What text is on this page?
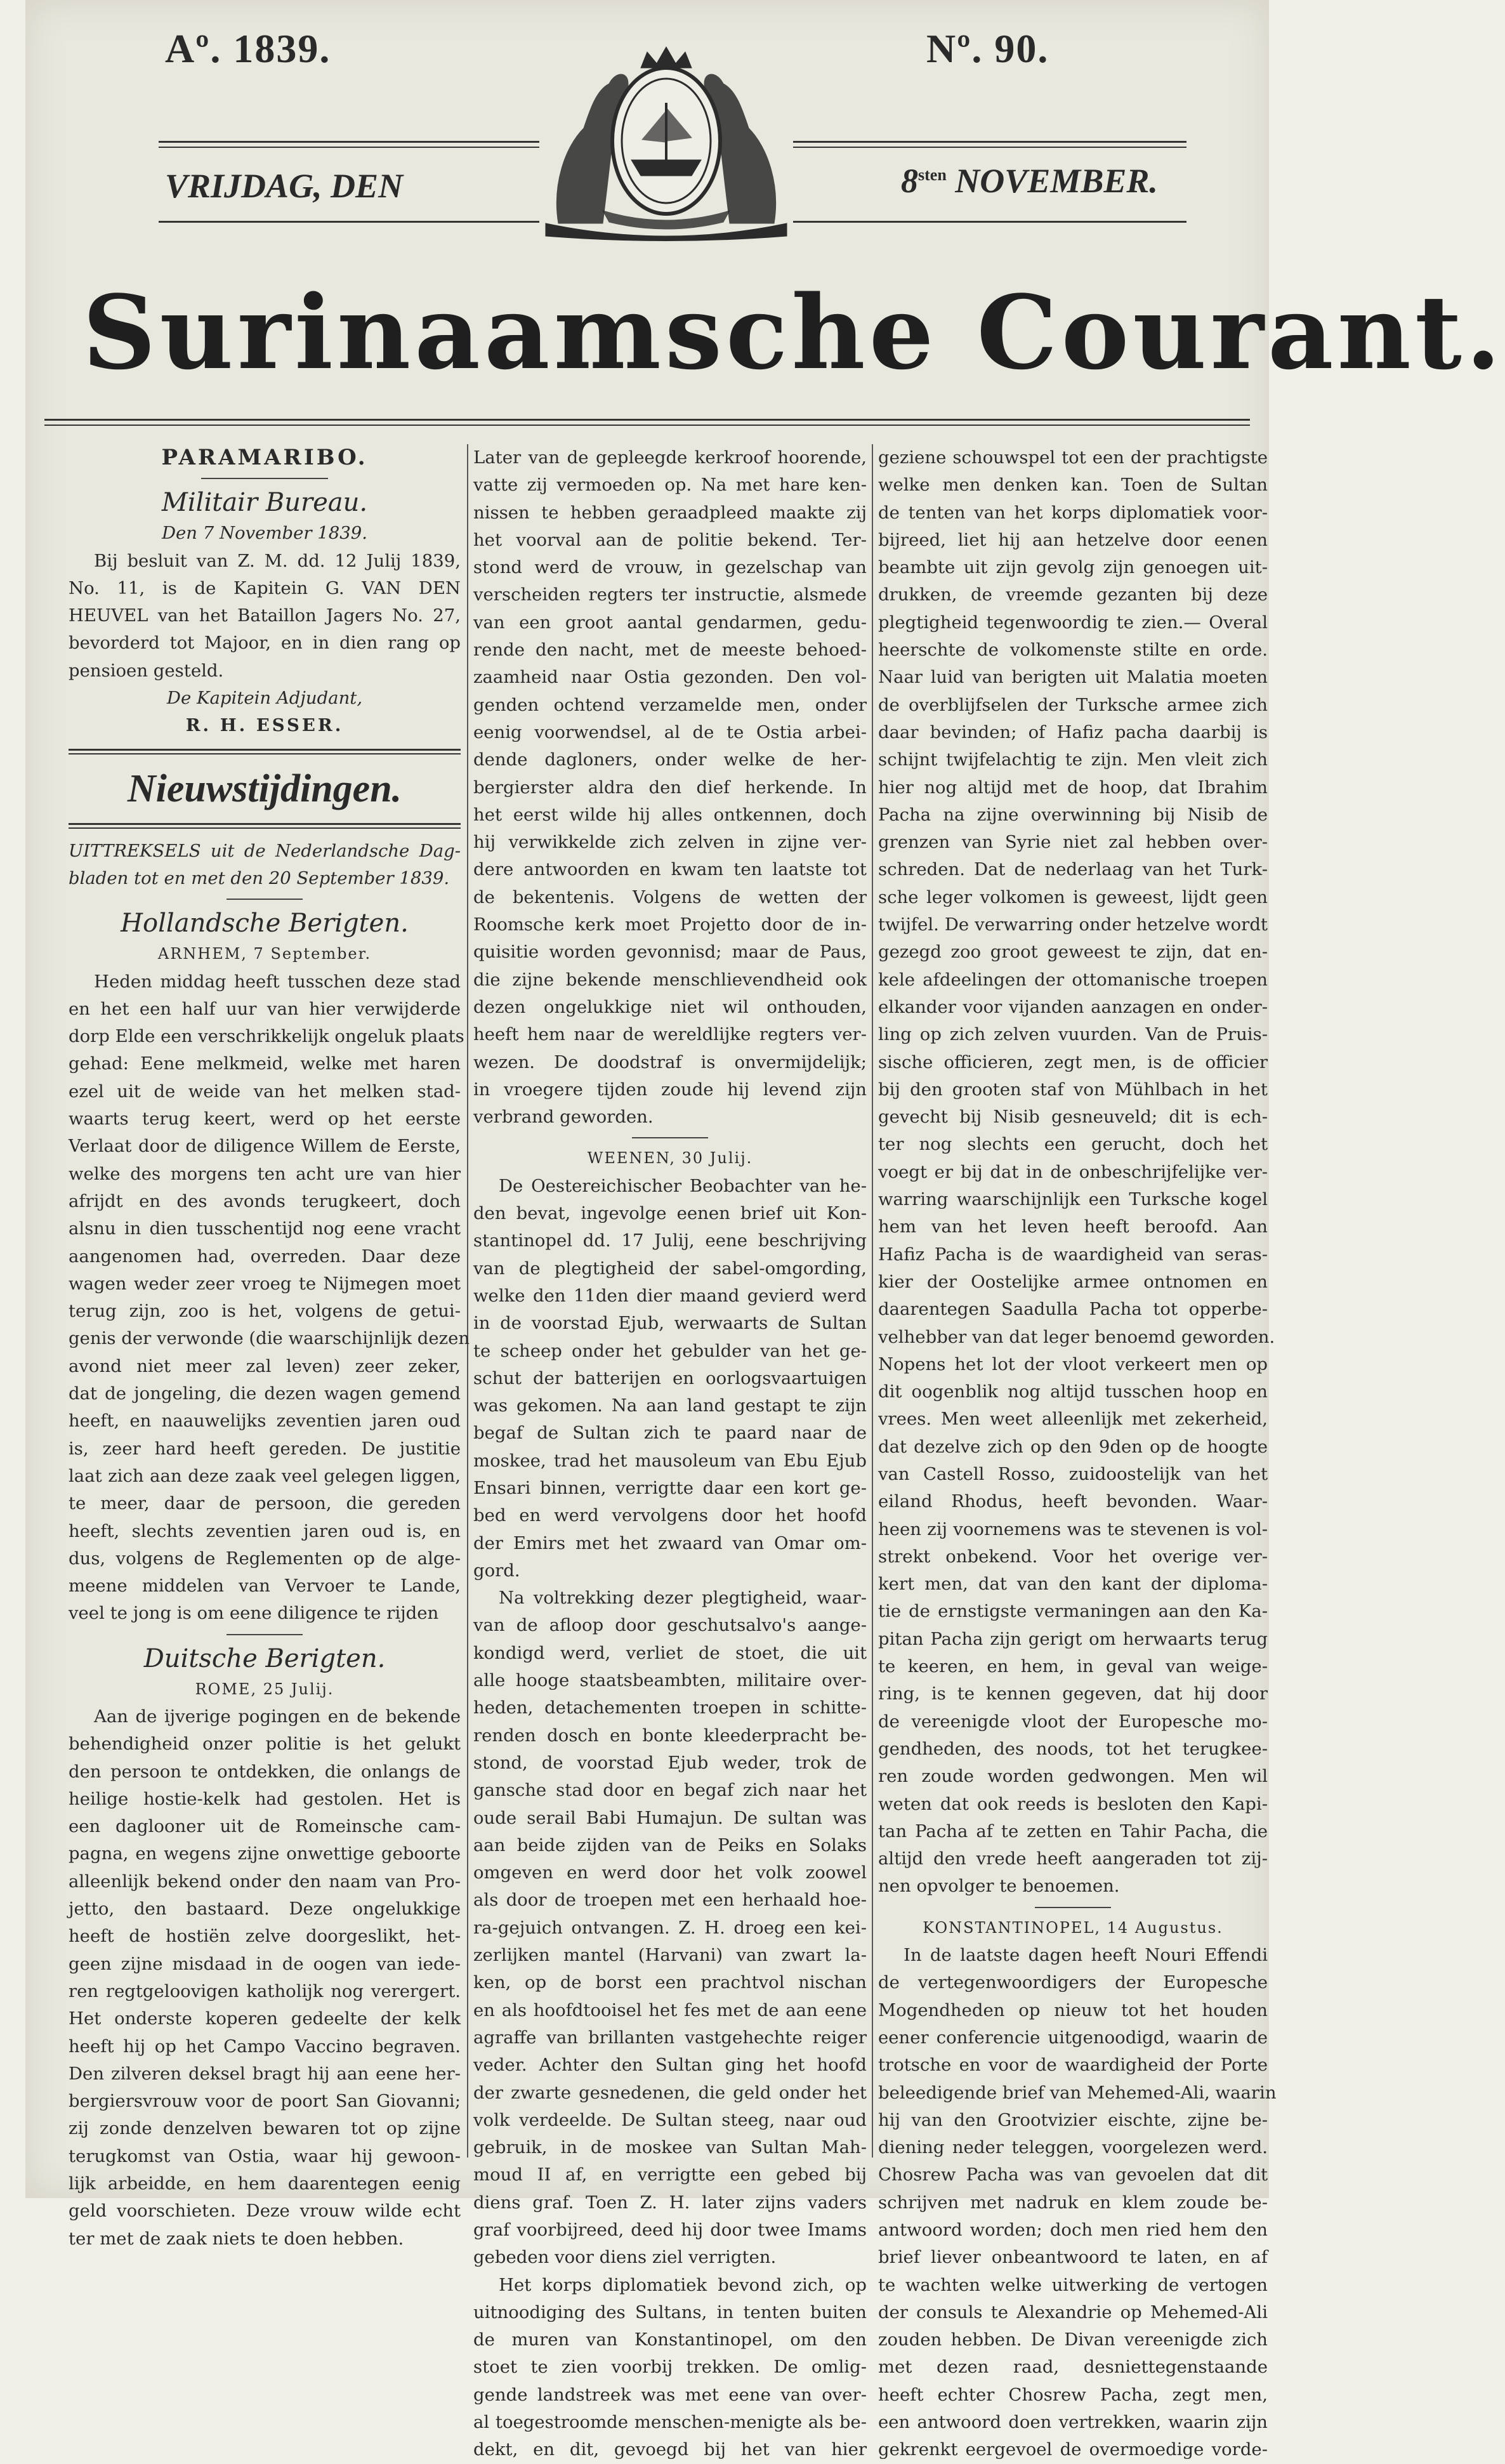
Aº. 1839.	Nº. 90.
VRIJDAG, DEN	$8^{sten}$ NOVEMBER.
Surinaamsche Courant.

PARAMARIBO.

Militair Bureau.

Den 7 November 1839.

Bij besluit van Z. M. dd. 12 Julij 1839,
No. 11, is de Kapitein G. VAN DEN
HEUVEL van het Bataillon Jagers No. 27,
bevorderd tot Majoor, en in dien rang op
pensioen gesteld.

De Kapitein Adjudant,

R. H. ESSER.

Nieuwstijdingen.

UITTREKSELS uit de Nederlandsche Dag-
bladen tot en met den 20 September 1839.

Hollandsche Berigten.

ARNHEM, 7 September.

Heden middag heeft tusschen deze stad
en het een half uur van hier verwijderde
dorp Elde een verschrikkelijk ongeluk plaats
gehad: Eene melkmeid, welke met haren
ezel uit de weide van het melken stad-
waarts terug keert, werd op het eerste
Verlaat door de diligence Willem de Eerste,
welke des morgens ten acht ure van hier
afrijdt en des avonds terugkeert, doch
alsnu in dien tusschentijd nog eene vracht
aangenomen had, overreden. Daar deze
wagen weder zeer vroeg te Nijmegen moet
terug zijn, zoo is het, volgens de getui-
genis der verwonde (die waarschijnlijk dezen
avond niet meer zal leven) zeer zeker,
dat de jongeling, die dezen wagen gemend
heeft, en naauwelijks zeventien jaren oud
is, zeer hard heeft gereden. De justitie
laat zich aan deze zaak veel gelegen liggen,
te meer, daar de persoon, die gereden
heeft, slechts zeventien jaren oud is, en
dus, volgens de Reglementen op de alge-
meene middelen van Vervoer te Lande,
veel te jong is om eene diligence te rijden

Duitsche Berigten.

ROME, 25 Julij.

Aan de ijverige pogingen en de bekende
behendigheid onzer politie is het gelukt
den persoon te ontdekken, die onlangs de
heilige hostie-kelk had gestolen. Het is
een daglooner uit de Romeinsche cam-
pagna, en wegens zijne onwettige geboorte
alleenlijk bekend onder den naam van Pro-
jetto, den bastaard. Deze ongelukkige
heeft de hostiën zelve doorgeslikt, het-
geen zijne misdaad in de oogen van iede-
ren regtgeloovigen katholijk nog verergert.
Het onderste koperen gedeelte der kelk
heeft hij op het Campo Vaccino begraven.
Den zilveren deksel bragt hij aan eene her-
bergiersvrouw voor de poort San Giovanni;
zij zonde denzelven bewaren tot op zijne
terugkomst van Ostia, waar hij gewoon-
lijk arbeidde, en hem daarentegen eenig
geld voorschieten. Deze vrouw wilde echt
ter met de zaak niets te doen hebben.
Later van de gepleegde kerkroof hoorende,
vatte zij vermoeden op. Na met hare ken-
nissen te hebben geraadpleed maakte zij
het voorval aan de politie bekend. Ter-
stond werd de vrouw, in gezelschap van
verscheiden regters ter instructie, alsmede
van een groot aantal gendarmen, gedu-
rende den nacht, met de meeste behoed-
zaamheid naar Ostia gezonden. Den vol-
genden ochtend verzamelde men, onder
eenig voorwendsel, al de te Ostia arbei-
dende dagloners, onder welke de her-
bergierster aldra den dief herkende. In
het eerst wilde hij alles ontkennen, doch
hij verwikkelde zich zelven in zijne ver-
dere antwoorden en kwam ten laatste tot
de bekentenis. Volgens de wetten der
Roomsche kerk moet Projetto door de in-
quisitie worden gevonnisd; maar de Paus,
die zijne bekende menschlievendheid ook
dezen ongelukkige niet wil onthouden,
heeft hem naar de wereldlijke regters ver-
wezen. De doodstraf is onvermijdelijk;
in vroegere tijden zoude hij levend zijn
verbrand geworden.

WEENEN, 30 Julij.

De Oestereichischer Beobachter van he-
den bevat, ingevolge eenen brief uit Kon-
stantinopel dd. 17 Julij, eene beschrijving
van de plegtigheid der sabel-omgording,
welke den 11den dier maand gevierd werd
in de voorstad Ejub, werwaarts de Sultan
te scheep onder het gebulder van het ge-
schut der batterijen en oorlogsvaartuigen
was gekomen. Na aan land gestapt te zijn
begaf de Sultan zich te paard naar de
moskee, trad het mausoleum van Ebu Ejub
Ensari binnen, verrigtte daar een kort ge-
bed en werd vervolgens door het hoofd
der Emirs met het zwaard van Omar om-
gord.
Na voltrekking dezer plegtigheid, waar-
van de afloop door geschutsalvo's aange-
kondigd werd, verliet de stoet, die uit
alle hooge staatsbeambten, militaire over-
heden, detachementen troepen in schitte-
renden dosch en bonte kleederpracht be-
stond, de voorstad Ejub weder, trok de
gansche stad door en begaf zich naar het
oude serail Babi Humajun. De sultan was
aan beide zijden van de Peiks en Solaks
omgeven en werd door het volk zoowel
als door de troepen met een herhaald hoe-
ra-gejuich ontvangen. Z. H. droeg een kei-
zerlijken mantel (Harvani) van zwart la-
ken, op de borst een prachtvol nischan
en als hoofdtooisel het fes met de aan eene
agraffe van brillanten vastgehechte reiger
veder. Achter den Sultan ging het hoofd
der zwarte gesnedenen, die geld onder het
volk verdeelde. De Sultan steeg, naar oud
gebruik, in de moskee van Sultan Mah-
moud II af, en verrigtte een gebed bij
diens graf. Toen Z. H. later zijns vaders
graf voorbijreed, deed hij door twee Imams
gebeden voor diens ziel verrigten.
Het korps diplomatiek bevond zich, op
uitnoodiging des Sultans, in tenten buiten
de muren van Konstantinopel, om den
stoet te zien voorbij trekken. De omlig-
gende landstreek was met eene van over-
al toegestroomde menschen-menigte als be-
dekt, en dit, gevoegd bij het van hier
geziene schouwspel tot een der prachtigste
welke men denken kan. Toen de Sultan
de tenten van het korps diplomatiek voor-
bijreed, liet hij aan hetzelve door eenen
beambte uit zijn gevolg zijn genoegen uit-
drukken, de vreemde gezanten bij deze
plegtigheid tegenwoordig te zien.— Overal
heerschte de volkomenste stilte en orde.
Naar luid van berigten uit Malatia moeten
de overblijfselen der Turksche armee zich
daar bevinden; of Hafiz pacha daarbij is
schijnt twijfelachtig te zijn. Men vleit zich
hier nog altijd met de hoop, dat Ibrahim
Pacha na zijne overwinning bij Nisib de
grenzen van Syrie niet zal hebben over-
schreden. Dat de nederlaag van het Turk-
sche leger volkomen is geweest, lijdt geen
twijfel. De verwarring onder hetzelve wordt
gezegd zoo groot geweest te zijn, dat en-
kele afdeelingen der ottomanische troepen
elkander voor vijanden aanzagen en onder-
ling op zich zelven vuurden. Van de Pruis-
sische officieren, zegt men, is de officier
bij den grooten staf von Mühlbach in het
gevecht bij Nisib gesneuveld; dit is ech-
ter nog slechts een gerucht, doch het
voegt er bij dat in de onbeschrijfelijke ver-
warring waarschijnlijk een Turksche kogel
hem van het leven heeft beroofd. Aan
Hafiz Pacha is de waardigheid van seras-
kier der Oostelijke armee ontnomen en
daarentegen Saadulla Pacha tot opperbe-
velhebber van dat leger benoemd geworden.
Nopens het lot der vloot verkeert men op
dit oogenblik nog altijd tusschen hoop en
vrees. Men weet alleenlijk met zekerheid,
dat dezelve zich op den 9den op de hoogte
van Castell Rosso, zuidoostelijk van het
eiland Rhodus, heeft bevonden. Waar-
heen zij voornemens was te stevenen is vol-
strekt onbekend. Voor het overige ver-
kert men, dat van den kant der diploma-
tie de ernstigste vermaningen aan den Ka-
pitan Pacha zijn gerigt om herwaarts terug
te keeren, en hem, in geval van weige-
ring, is te kennen gegeven, dat hij door
de vereenigde vloot der Europesche mo-
gendheden, des noods, tot het terugkee-
ren zoude worden gedwongen. Men wil
weten dat ook reeds is besloten den Kapi-
tan Pacha af te zetten en Tahir Pacha, die
altijd den vrede heeft aangeraden tot zij-
nen opvolger te benoemen.

KONSTANTINOPEL, 14 Augustus.

In de laatste dagen heeft Nouri Effendi
de vertegenwoordigers der Europesche
Mogendheden op nieuw tot het houden
eener conferencie uitgenoodigd, waarin de
trotsche en voor de waardigheid der Porte
beleedigende brief van Mehemed-Ali, waarin
hij van den Grootvizier eischte, zijne be-
diening neder teleggen, voorgelezen werd.
Chosrew Pacha was van gevoelen dat dit
schrijven met nadruk en klem zoude be-
antwoord worden; doch men ried hem den
brief liever onbeantwoord te laten, en af
te wachten welke uitwerking de vertogen
der consuls te Alexandrie op Mehemed-Ali
zouden hebben. De Divan vereenigde zich
met dezen raad, desniettegenstaande
heeft echter Chosrew Pacha, zegt men,
een antwoord doen vertrekken, waarin zijn
gekrenkt eergevoel de overmoedige vorde-
